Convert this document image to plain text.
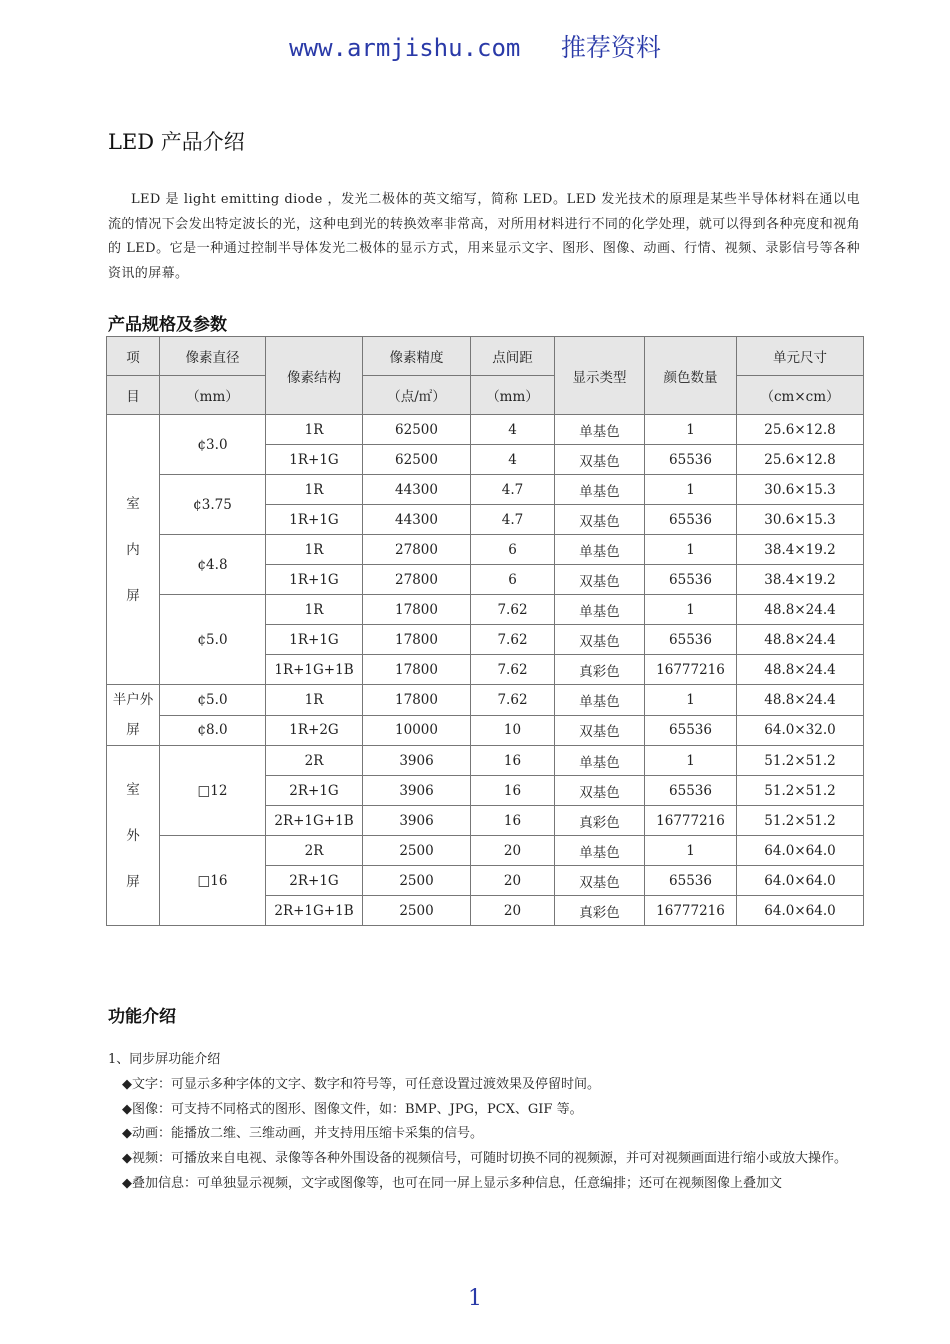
www.armjishu.com 推荐资料
LED 产品介绍
LED 是 light emitting diode ，发光二极体的英文缩写，简称 LED。LED 发光技术的原理是某些半导体材料在通以电流的情况下会发出特定波长的光，这种电到光的转换效率非常高，对所用材料进行不同的化学处理，就可以得到各种亮度和视角的 LED。它是一种通过控制半导体发光二极体的显示方式，用来显示文字、图形、图像、动画、行情、视频、录影信号等各种资讯的屏幕。
产品规格及参数
项	像素直径	像素结构	像素精度	点间距	显示类型	颜色数量	单元尺寸
目	（mm）		（点/㎡）	（mm）			（cm×cm）

室
内
屏	¢3.0	1R	62500	4	单基色	1	25.6×12.8
		1R+1G	62500	4	双基色	65536	25.6×12.8
	¢3.75	1R	44300	4.7	单基色	1	30.6×15.3
		1R+1G	44300	4.7	双基色	65536	30.6×15.3
	¢4.8	1R	27800	6	单基色	1	38.4×19.2
		1R+1G	27800	6	双基色	65536	38.4×19.2
	¢5.0	1R	17800	7.62	单基色	1	48.8×24.4
		1R+1G	17800	7.62	双基色	65536	48.8×24.4
		1R+1G+1B	17800	7.62	真彩色	16777216	48.8×24.4

半户外
屏	¢5.0	1R	17800	7.62	单基色	1	48.8×24.4
	¢8.0	1R+2G	10000	10	双基色	65536	64.0×32.0

室
外
屏	□12	2R	3906	16	单基色	1	51.2×51.2
		2R+1G	3906	16	双基色	65536	51.2×51.2
		2R+1G+1B	3906	16	真彩色	16777216	51.2×51.2
	□16	2R	2500	20	单基色	1	64.0×64.0
		2R+1G	2500	20	双基色	65536	64.0×64.0
		2R+1G+1B	2500	20	真彩色	16777216	64.0×64.0
功能介绍
1、同步屏功能介绍
◆文字：可显示多种字体的文字、数字和符号等，可任意设置过渡效果及停留时间。
◆图像：可支持不同格式的图形、图像文件，如：BMP、JPG，PCX、GIF 等。
◆动画：能播放二维、三维动画，并支持用压缩卡采集的信号。
◆视频：可播放来自电视、录像等各种外围设备的视频信号，可随时切换不同的视频源，并可对视频画面进行缩小或放大操作。
◆叠加信息：可单独显示视频，文字或图像等，也可在同一屏上显示多种信息，任意编排；还可在视频图像上叠加文
1
